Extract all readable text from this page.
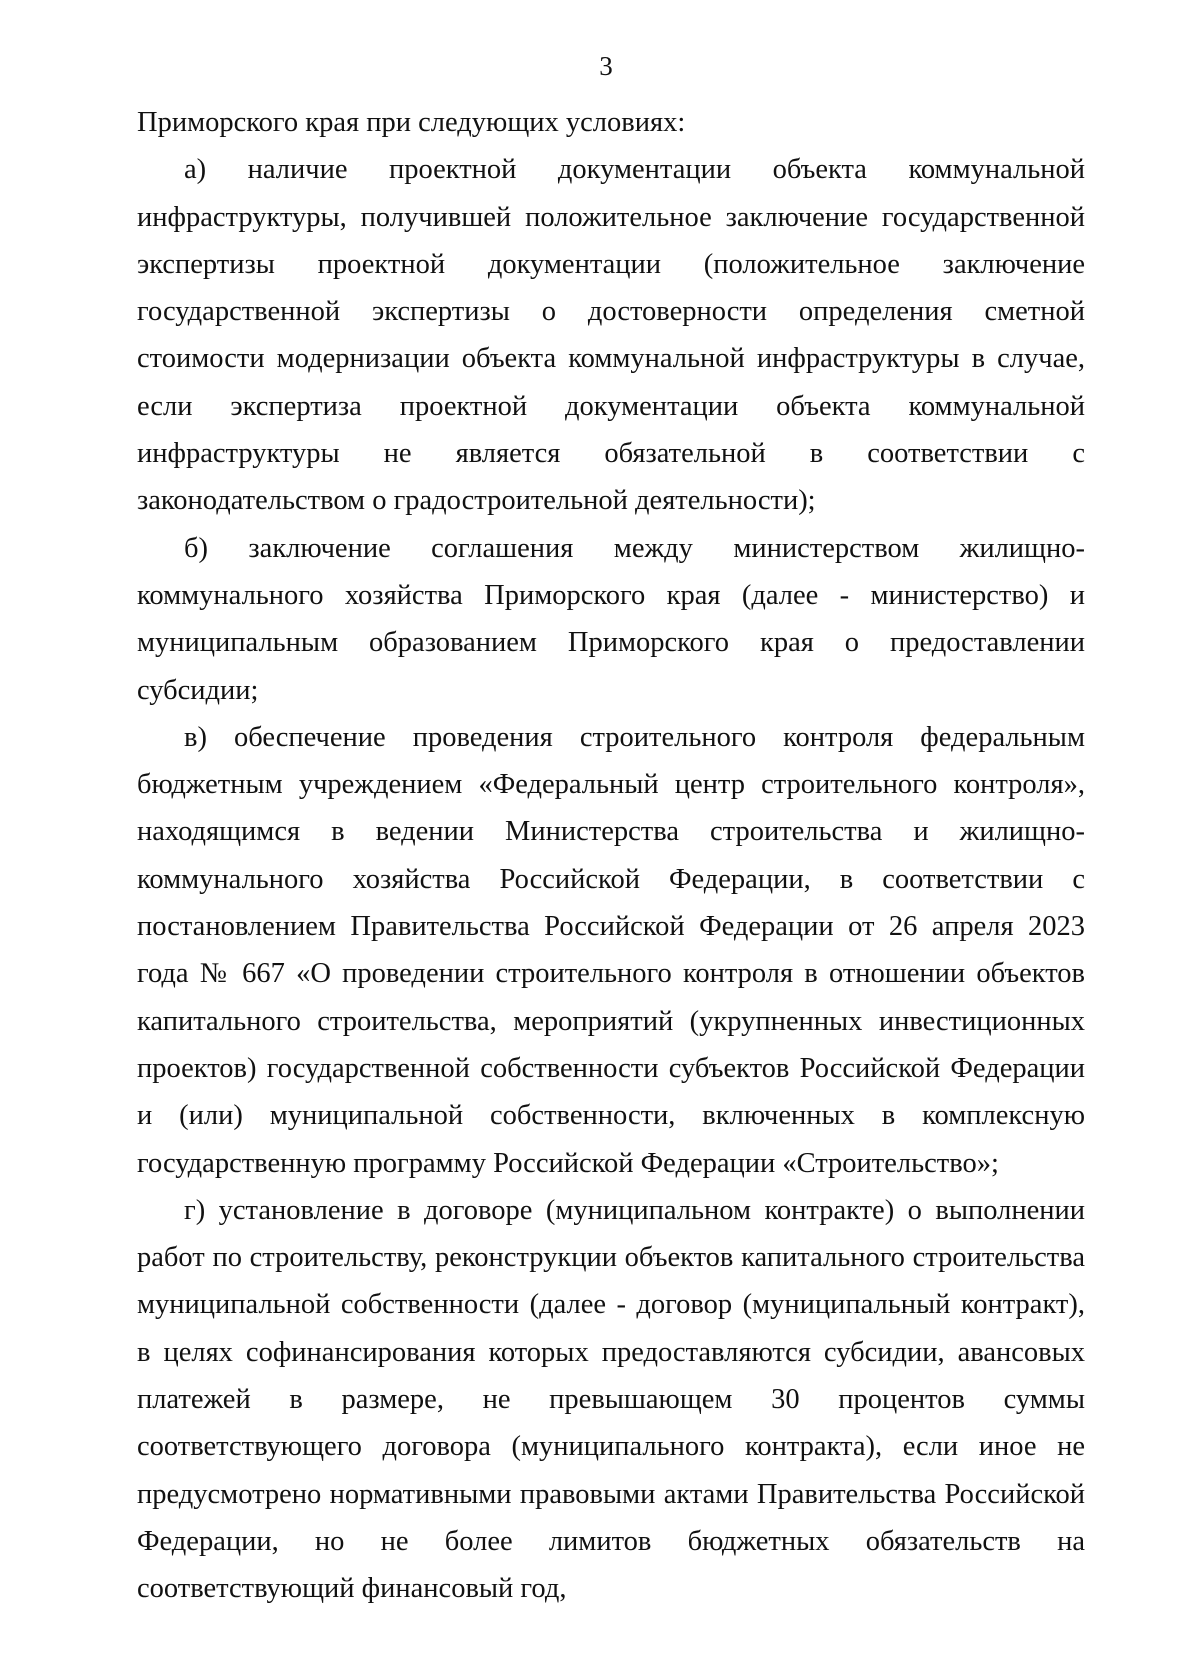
3

Приморского края при следующих условиях:

а) наличие проектной документации объекта коммунальной инфраструктуры, получившей положительное заключение государственной экспертизы проектной документации (положительное заключение государственной экспертизы о достоверности определения сметной стоимости модернизации объекта коммунальной инфраструктуры в случае, если экспертиза проектной документации объекта коммунальной инфраструктуры не является обязательной в соответствии с законодательством о градостроительной деятельности);

б) заключение соглашения между министерством жилищно-коммунального хозяйства Приморского края (далее - министерство) и муниципальным образованием Приморского края о предоставлении субсидии;

в) обеспечение проведения строительного контроля федеральным бюджетным учреждением «Федеральный центр строительного контроля», находящимся в ведении Министерства строительства и жилищно-коммунального хозяйства Российской Федерации, в соответствии с постановлением Правительства Российской Федерации от 26 апреля 2023 года № 667 «О проведении строительного контроля в отношении объектов капитального строительства, мероприятий (укрупненных инвестиционных проектов) государственной собственности субъектов Российской Федерации и (или) муниципальной собственности, включенных в комплексную государственную программу Российской Федерации «Строительство»;

г) установление в договоре (муниципальном контракте) о выполнении работ по строительству, реконструкции объектов капитального строительства муниципальной собственности (далее - договор (муниципальный контракт), в целях софинансирования которых предоставляются субсидии, авансовых платежей в размере, не превышающем 30 процентов суммы соответствующего договора (муниципального контракта), если иное не предусмотрено нормативными правовыми актами Правительства Российской Федерации, но не более лимитов бюджетных обязательств на соответствующий финансовый год,
